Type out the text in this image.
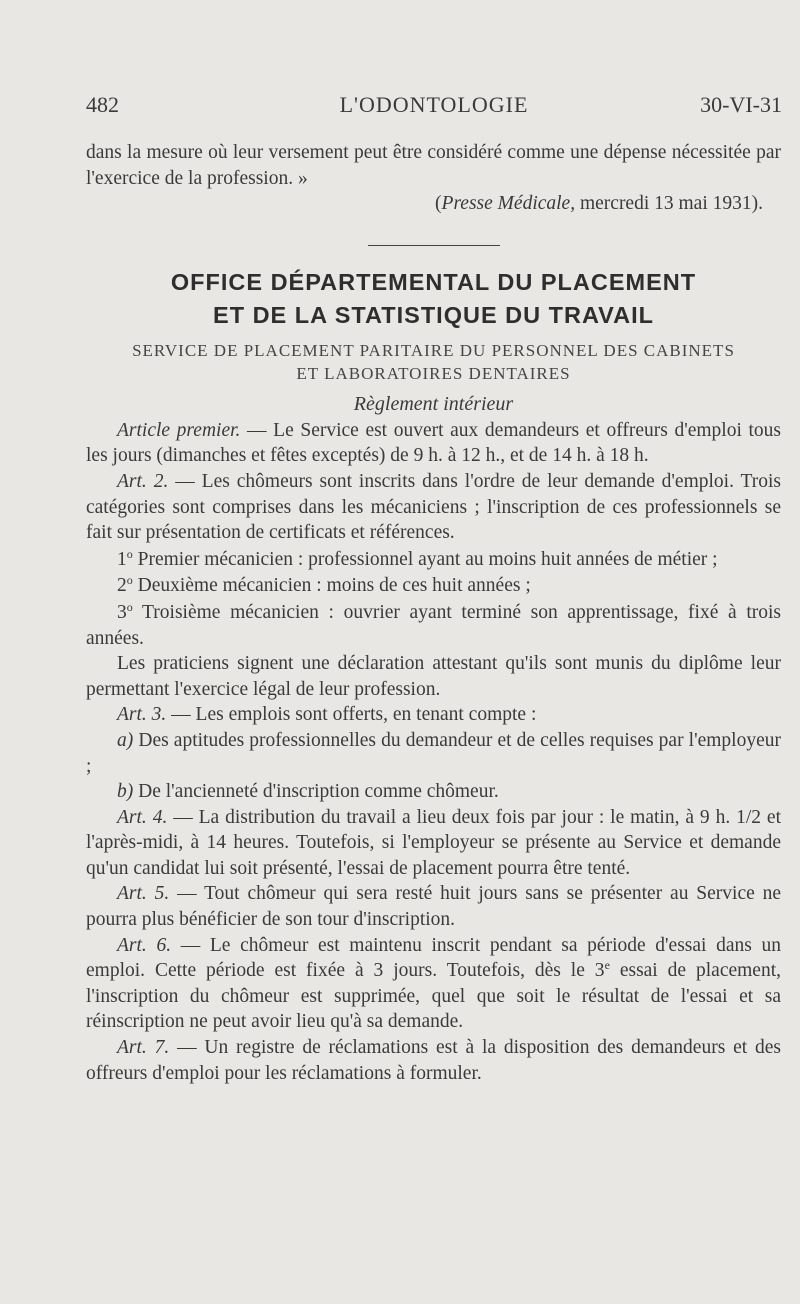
L'ODONTOLOGIE
482	30-VI-31

dans la mesure où leur versement peut être considéré comme une dépense nécessitée par l'exercice de la profession. »

(Presse Médicale, mercredi 13 mai 1931).

OFFICE DÉPARTEMENTAL DU PLACEMENT

ET DE LA STATISTIQUE DU TRAVAIL

SERVICE DE PLACEMENT PARITAIRE DU PERSONNEL DES CABINETS

ET LABORATOIRES DENTAIRES

Règlement intérieur

Article premier. — Le Service est ouvert aux demandeurs et offreurs d'emploi tous les jours (dimanches et fêtes exceptés) de 9 h. à 12 h., et de 14 h. à 18 h.

Art. 2. — Les chômeurs sont inscrits dans l'ordre de leur demande d'emploi. Trois catégories sont comprises dans les mécaniciens ; l'inscription de ces professionnels se fait sur présentation de certificats et références.

1$^o$ Premier mécanicien : professionnel ayant au moins huit années de métier ;

2$^o$ Deuxième mécanicien : moins de ces huit années ;

3$^o$ Troisième mécanicien : ouvrier ayant terminé son apprentissage, fixé à trois années.

Les praticiens signent une déclaration attestant qu'ils sont munis du diplôme leur permettant l'exercice légal de leur profession.

Art. 3. — Les emplois sont offerts, en tenant compte :

a) Des aptitudes professionnelles du demandeur et de celles requises par l'employeur ;

b) De l'ancienneté d'inscription comme chômeur.

Art. 4. — La distribution du travail a lieu deux fois par jour : le matin, à 9 h. 1/2 et l'après-midi, à 14 heures. Toutefois, si l'employeur se présente au Service et demande qu'un candidat lui soit présenté, l'essai de placement pourra être tenté.

Art. 5. — Tout chômeur qui sera resté huit jours sans se présenter au Service ne pourra plus bénéficier de son tour d'inscription.

Art. 6. — Le chômeur est maintenu inscrit pendant sa période d'essai dans un emploi. Cette période est fixée à 3 jours. Toutefois, dès le 3e essai de placement, l'inscription du chômeur est supprimée, quel que soit le résultat de l'essai et sa réinscription ne peut avoir lieu qu'à sa demande.

Art. 7. — Un registre de réclamations est à la disposition des demandeurs et des offreurs d'emploi pour les réclamations à formuler.
